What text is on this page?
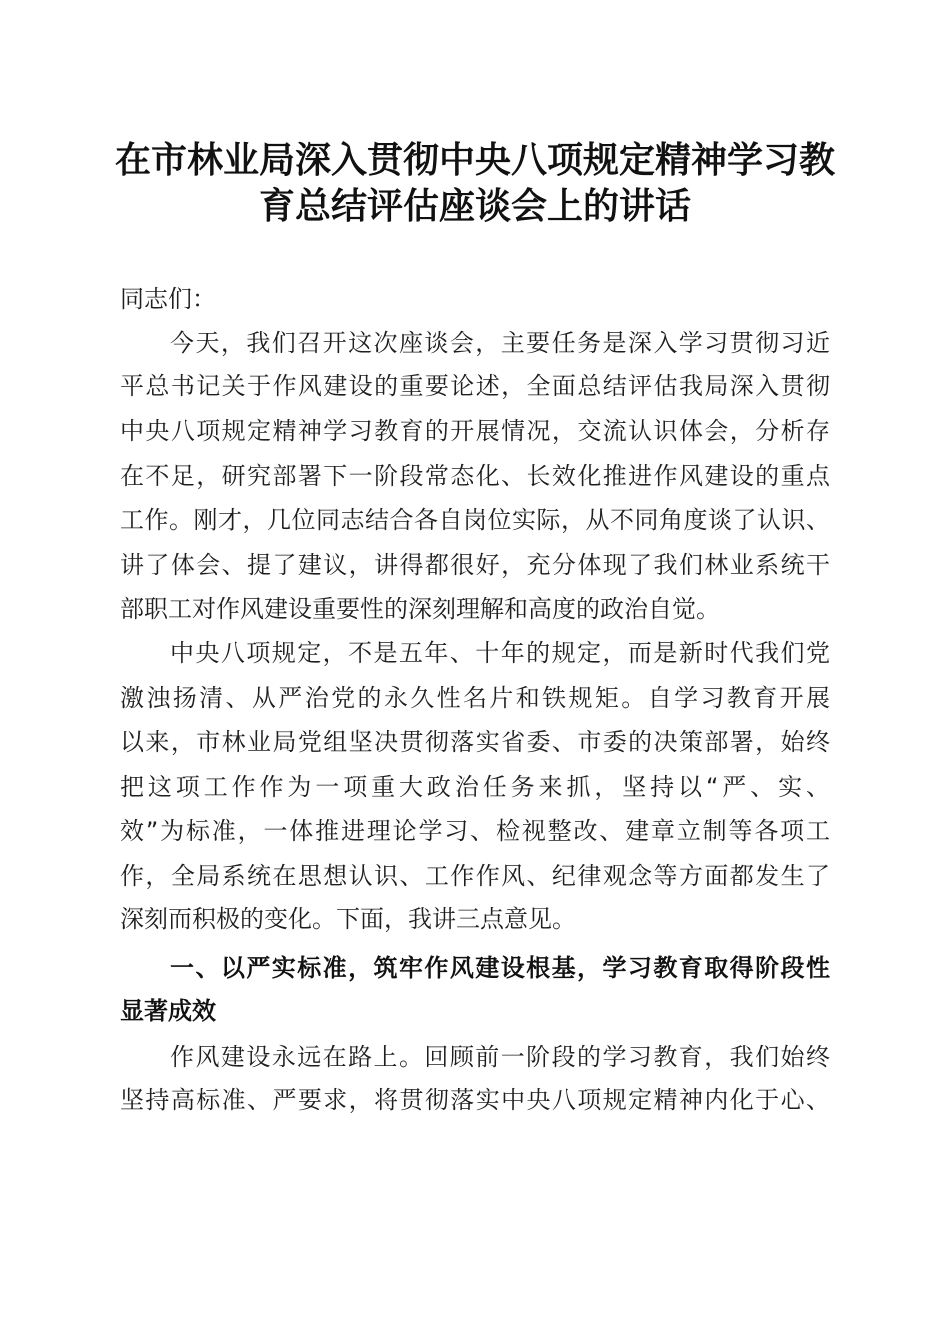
在市林业局深入贯彻中央八项规定精神学习教
育总结评估座谈会上的讲话
同志们：
今天，我们召开这次座谈会，主要任务是深入学习贯彻习近
平总书记关于作风建设的重要论述，全面总结评估我局深入贯彻
中央八项规定精神学习教育的开展情况，交流认识体会，分析存
在不足，研究部署下一阶段常态化、长效化推进作风建设的重点
工作。刚才，几位同志结合各自岗位实际，从不同角度谈了认识、
讲了体会、提了建议，讲得都很好，充分体现了我们林业系统干
部职工对作风建设重要性的深刻理解和高度的政治自觉。
中央八项规定，不是五年、十年的规定，而是新时代我们党
激浊扬清、从严治党的永久性名片和铁规矩。自学习教育开展
以来，市林业局党组坚决贯彻落实省委、市委的决策部署，始终
把这项工作作为一项重大政治任务来抓，坚持以“严、实、
效”为标准，一体推进理论学习、检视整改、建章立制等各项工
作，全局系统在思想认识、工作作风、纪律观念等方面都发生了
深刻而积极的变化。下面，我讲三点意见。
一、以严实标准，筑牢作风建设根基，学习教育取得阶段性
显著成效
作风建设永远在路上。回顾前一阶段的学习教育，我们始终
坚持高标准、严要求，将贯彻落实中央八项规定精神内化于心、
